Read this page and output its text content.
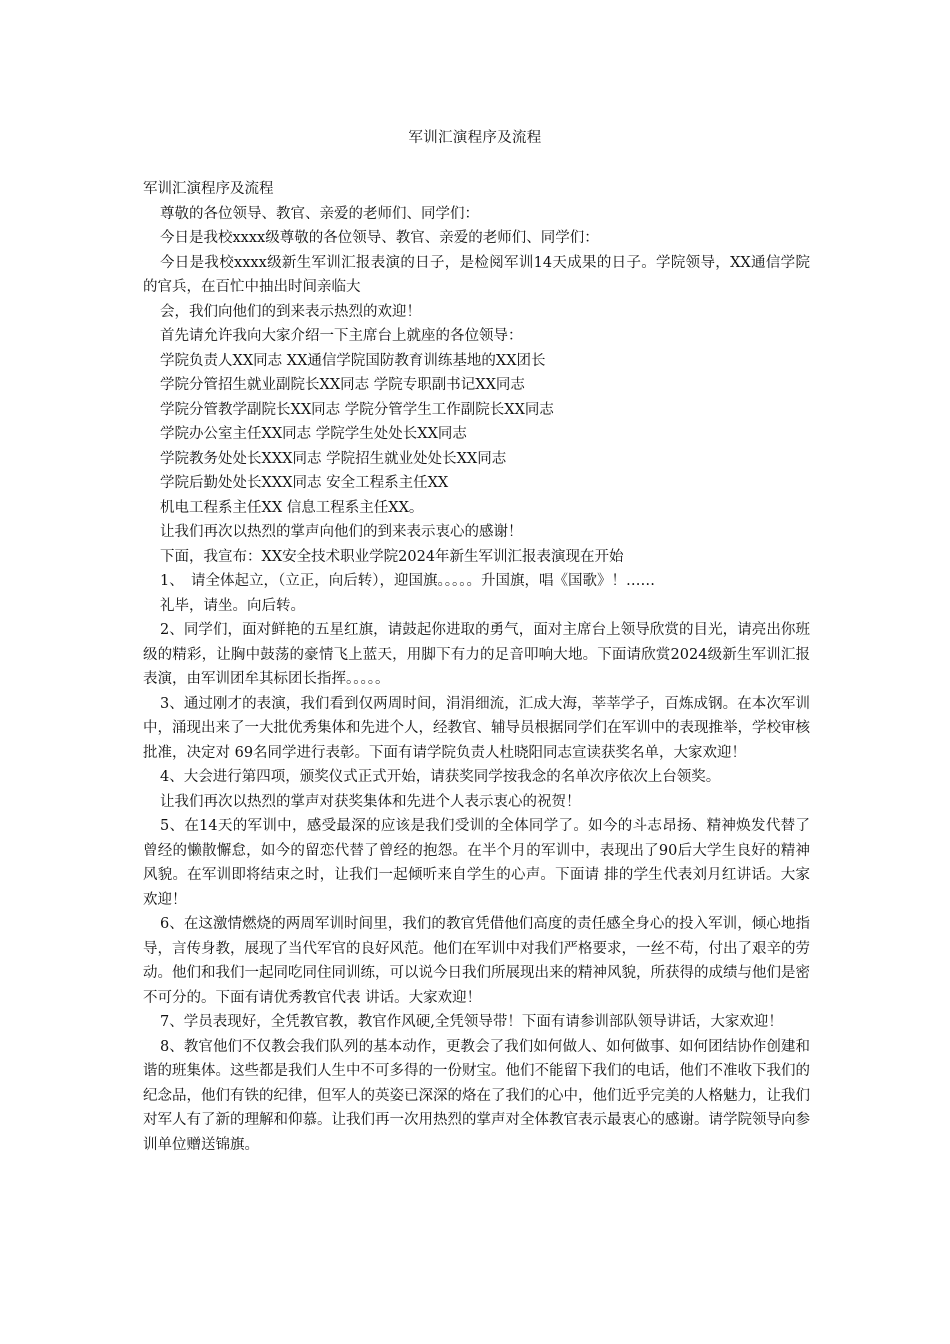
军训汇演程序及流程

军训汇演程序及流程

尊敬的各位领导、教官、亲爱的老师们、同学们：

今日是我校xxxx级尊敬的各位领导、教官、亲爱的老师们、同学们：

今日是我校xxxx级新生军训汇报表演的日子，是检阅军训14天成果的日子。学院领导，XX通信学院的官兵，在百忙中抽出时间亲临大

会，我们向他们的到来表示热烈的欢迎！

首先请允许我向大家介绍一下主席台上就座的各位领导：

学院负责人XX同志 XX通信学院国防教育训练基地的XX团长

学院分管招生就业副院长XX同志 学院专职副书记XX同志

学院分管教学副院长XX同志 学院分管学生工作副院长XX同志

学院办公室主任XX同志 学院学生处处长XX同志

学院教务处处长XXX同志 学院招生就业处处长XX同志

学院后勤处处长XXX同志 安全工程系主任XX

机电工程系主任XX 信息工程系主任XX。

让我们再次以热烈的掌声向他们的到来表示衷心的感谢！

下面，我宣布：XX安全技术职业学院2024年新生军训汇报表演现在开始

1、　请全体起立，（立正，向后转），迎国旗。。。。。升国旗，唱《国歌》！……

礼毕，请坐。向后转。

2、同学们，面对鲜艳的五星红旗，请鼓起你进取的勇气，面对主席台上领导欣赏的目光，请亮出你班级的精彩，让胸中鼓荡的豪情飞上蓝天，用脚下有力的足音叩响大地。下面请欣赏2024级新生军训汇报表演，由军训团牟其标团长指挥。。。。。

3、通过刚才的表演，我们看到仅两周时间，涓涓细流，汇成大海，莘莘学子，百炼成钢。在本次军训中，涌现出来了一大批优秀集体和先进个人，经教官、辅导员根据同学们在军训中的表现推举，学校审核批准，决定对 69名同学进行表彰。下面有请学院负责人杜晓阳同志宣读获奖名单，大家欢迎！

4、大会进行第四项，颁奖仪式正式开始，请获奖同学按我念的名单次序依次上台领奖。

让我们再次以热烈的掌声对获奖集体和先进个人表示衷心的祝贺！

5、在14天的军训中，感受最深的应该是我们受训的全体同学了。如今的斗志昂扬、精神焕发代替了曾经的懒散懈怠，如今的留恋代替了曾经的抱怨。在半个月的军训中，表现出了90后大学生良好的精神风貌。在军训即将结束之时，让我们一起倾听来自学生的心声。下面请 排的学生代表刘月红讲话。大家欢迎！

6、在这激情燃烧的两周军训时间里，我们的教官凭借他们高度的责任感全身心的投入军训，倾心地指导，言传身教，展现了当代军官的良好风范。他们在军训中对我们严格要求，一丝不苟，付出了艰辛的劳动。他们和我们一起同吃同住同训练，可以说今日我们所展现出来的精神风貌，所获得的成绩与他们是密不可分的。下面有请优秀教官代表 讲话。大家欢迎！

7、学员表现好，全凭教官教，教官作风硬,全凭领导带！下面有请参训部队领导讲话，大家欢迎！

8、教官他们不仅教会我们队列的基本动作，更教会了我们如何做人、如何做事、如何团结协作创建和谐的班集体。这些都是我们人生中不可多得的一份财宝。他们不能留下我们的电话，他们不准收下我们的纪念品，他们有铁的纪律，但军人的英姿已深深的烙在了我们的心中，他们近乎完美的人格魅力，让我们对军人有了新的理解和仰慕。让我们再一次用热烈的掌声对全体教官表示最衷心的感谢。请学院领导向参训单位赠送锦旗。
